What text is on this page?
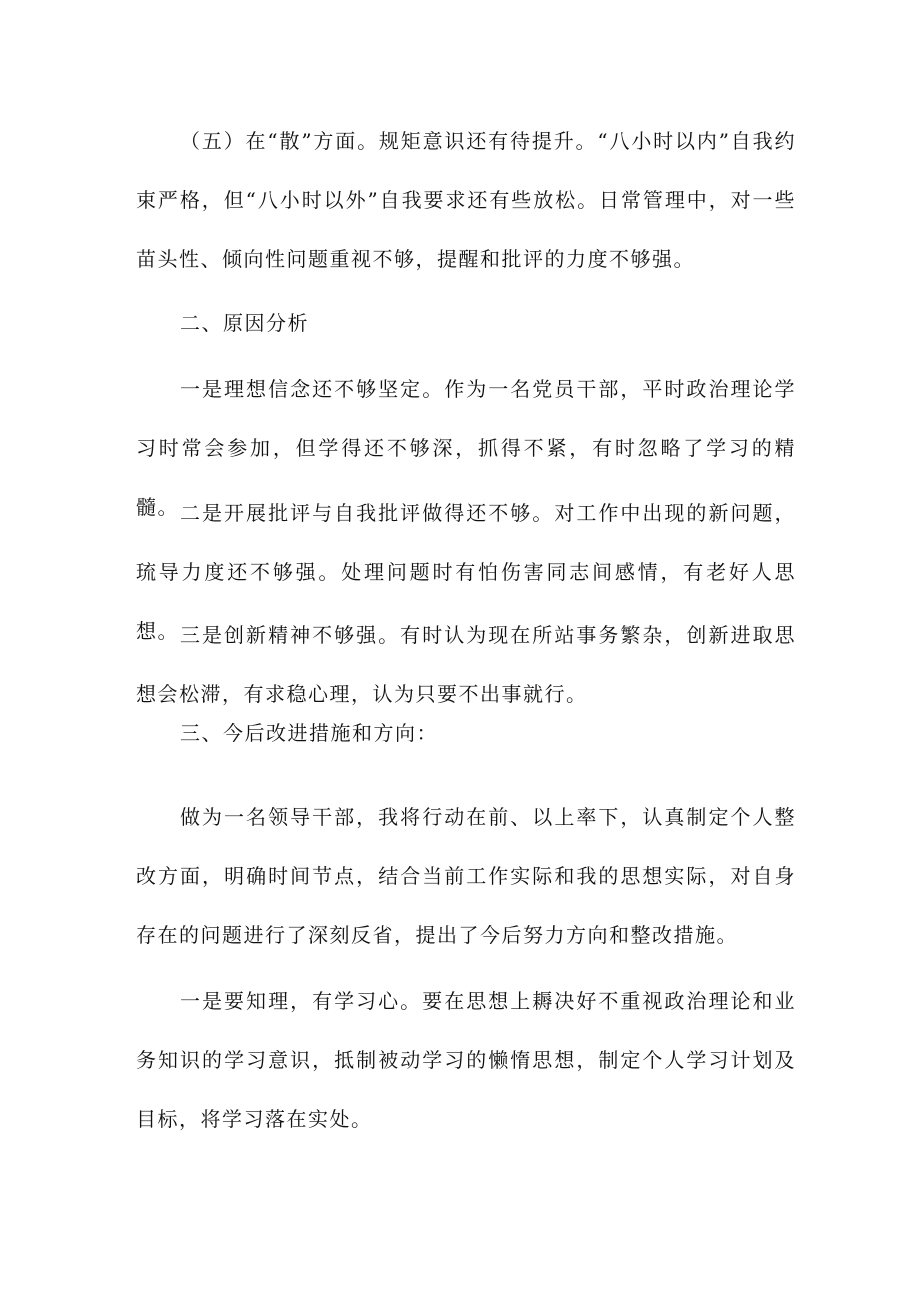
（五）在“散”方面。规矩意识还有待提升。“八小时以内”自我约束严格，但“八小时以外”自我要求还有些放松。日常管理中，对一些苗头性、倾向性问题重视不够，提醒和批评的力度不够强。

二、原因分析

一是理想信念还不够坚定。作为一名党员干部，平时政治理论学习时常会参加，但学得还不够深，抓得不紧，有时忽略了学习的精髓。 二是开展批评与自我批评做得还不够。对工作中出现的新问题，琉导力度还不够强。处理问题时有怕伤害同志间感情，有老好人思想。 三是创新精神不够强。有时认为现在所站事务繁杂，创新进取思想会松滞，有求稳心理，认为只要不出事就行。

三、今后改进措施和方向：

做为一名领导干部，我将行动在前、以上率下，认真制定个人整改方面，明确时间节点，结合当前工作实际和我的思想实际，对自身存在的问题进行了深刻反省，提出了今后努力方向和整改措施。

一是要知理，有学习心。要在思想上耨决好不重视政治理论和业务知识的学习意识，抵制被动学习的懒惰思想，制定个人学习计划及目标，将学习落在实处。
